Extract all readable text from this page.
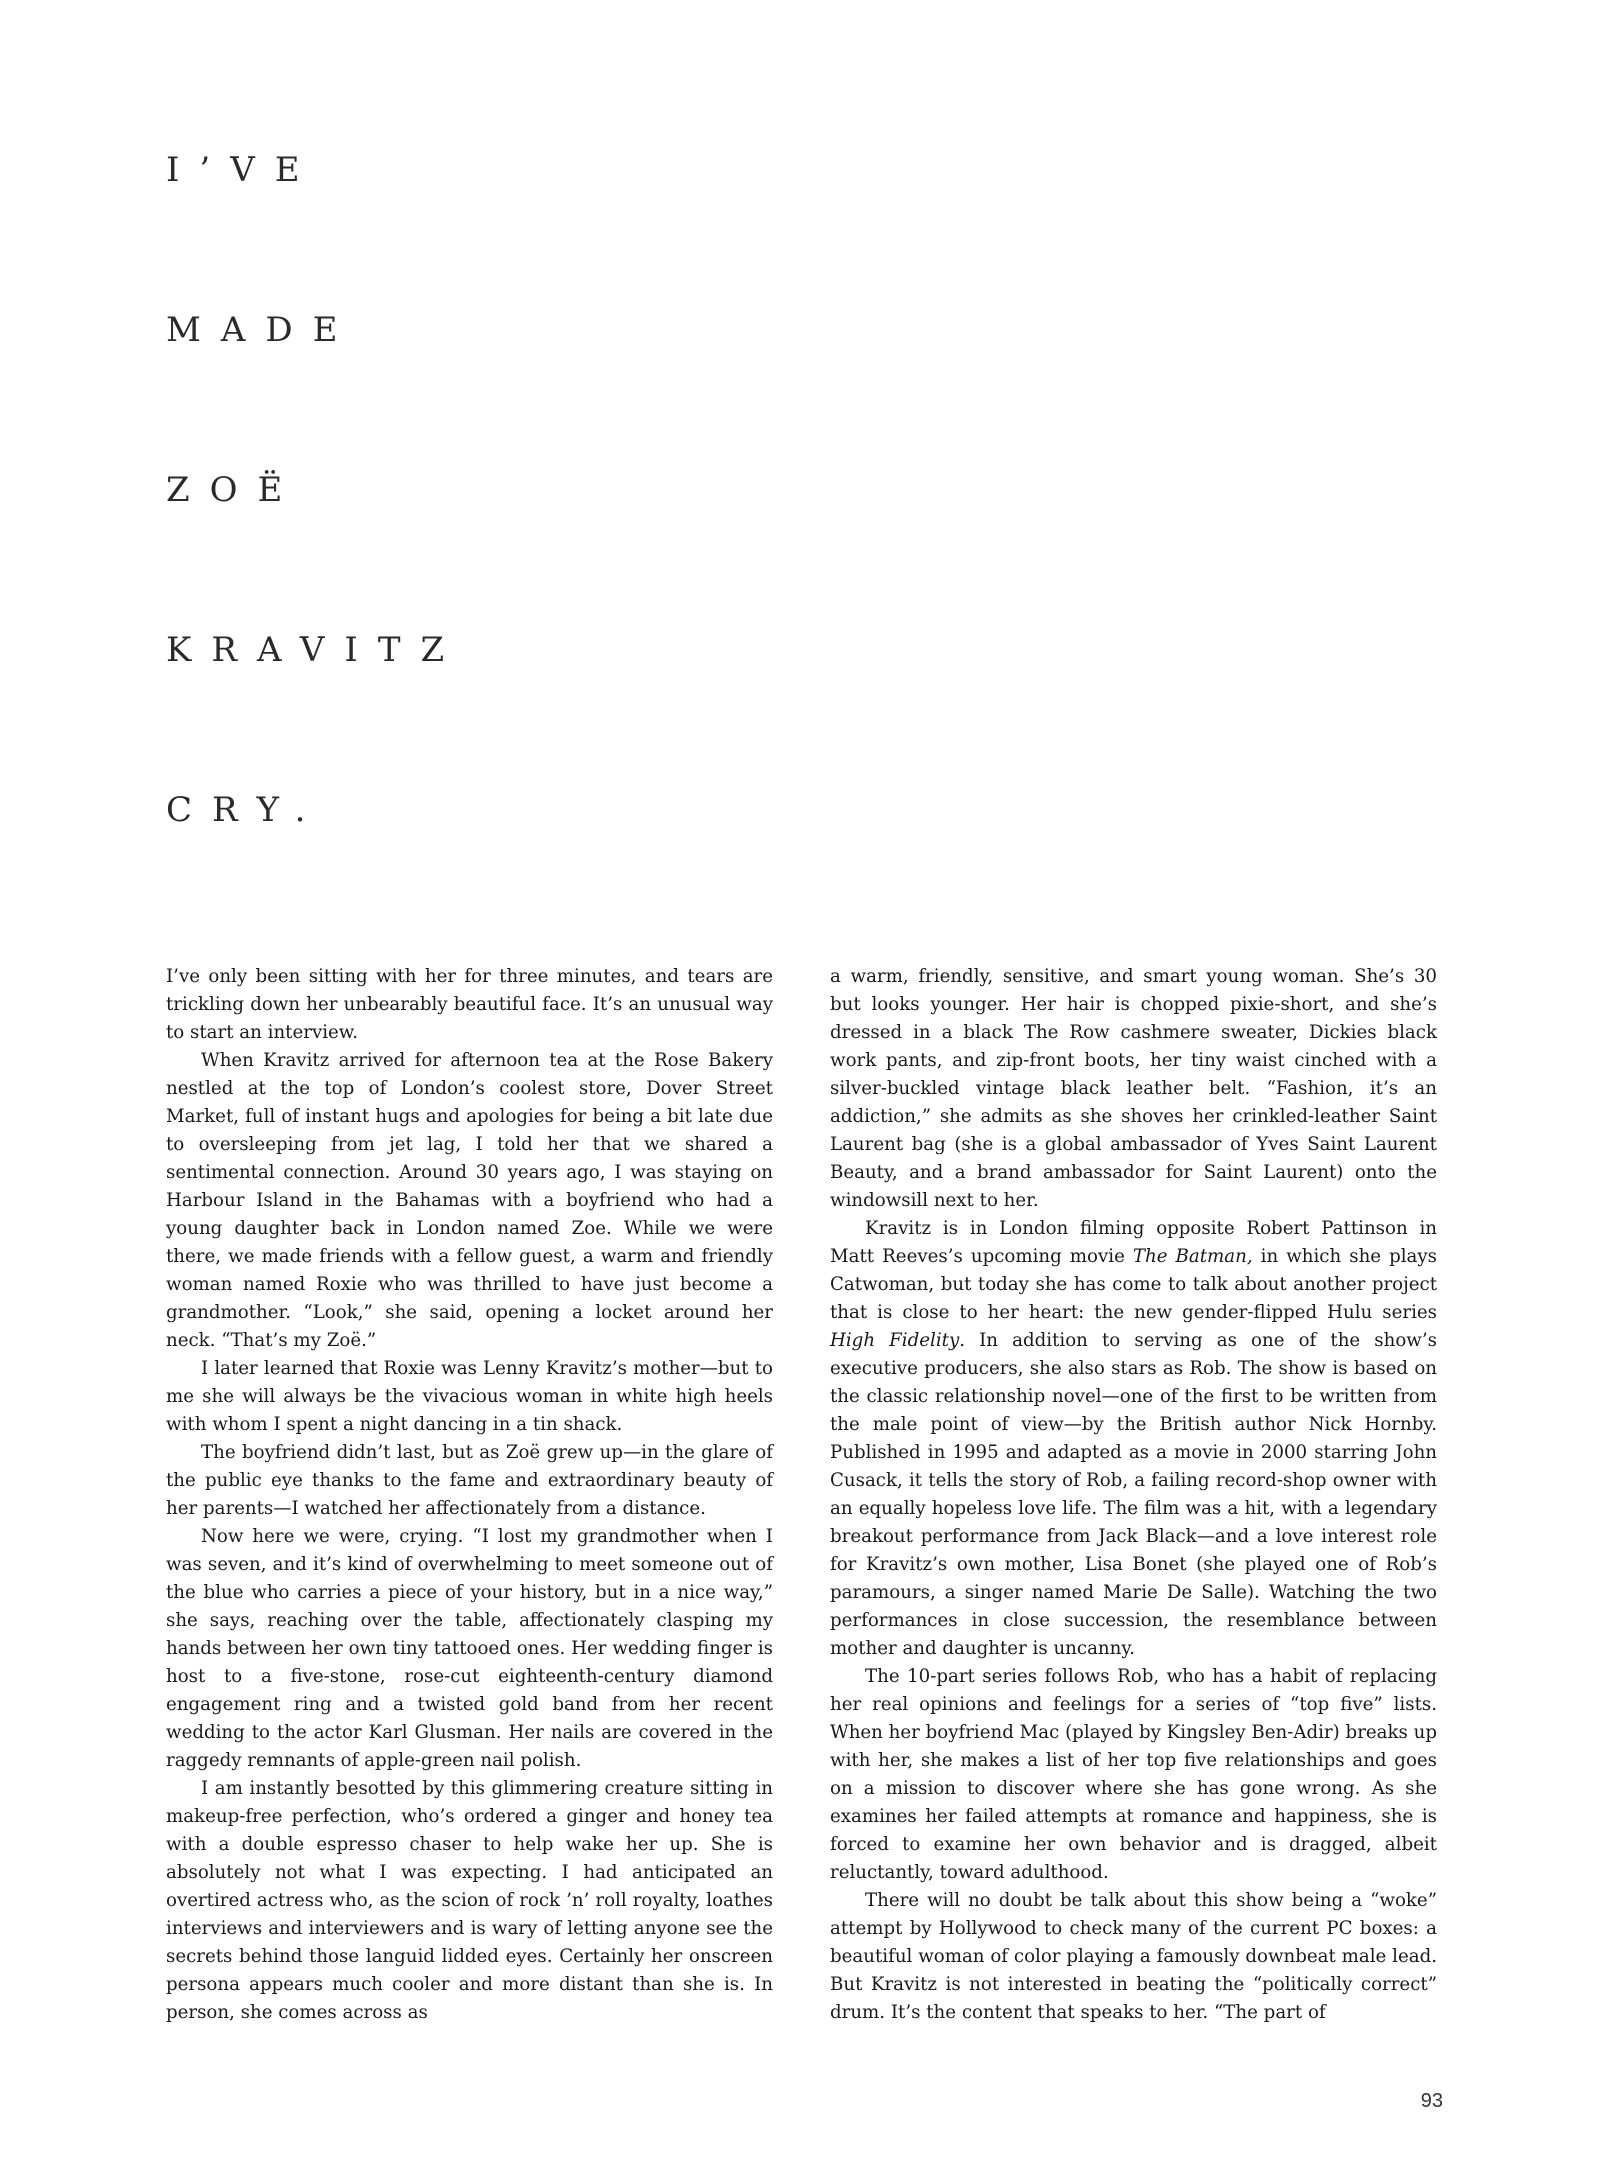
I’VE
MADE
ZOË
KRAVITZ
CRY.

I’ve only been sitting with her for three minutes, and tears are trickling down her unbearably beautiful face. It’s an unusual way to start an interview.

When Kravitz arrived for afternoon tea at the Rose Bakery nestled at the top of London’s coolest store, Dover Street Market, full of instant hugs and apologies for being a bit late due to oversleeping from jet lag, I told her that we shared a sentimental connection. Around 30 years ago, I was staying on Harbour Island in the Bahamas with a boyfriend who had a young daughter back in London named Zoe. While we were there, we made friends with a fellow guest, a warm and friendly woman named Roxie who was thrilled to have just become a grandmother. “Look,” she said, opening a locket around her neck. “That’s my Zoë.”

I later learned that Roxie was Lenny Kravitz’s mother—but to me she will always be the vivacious woman in white high heels with whom I spent a night dancing in a tin shack.

The boyfriend didn’t last, but as Zoë grew up—in the glare of the public eye thanks to the fame and extraordinary beauty of her parents—I watched her affectionately from a distance.

Now here we were, crying. “I lost my grandmother when I was seven, and it’s kind of overwhelming to meet someone out of the blue who carries a piece of your history, but in a nice way,” she says, reaching over the table, affectionately clasping my hands between her own tiny tattooed ones. Her wedding finger is host to a five-stone, rose-cut eighteenth-century diamond engagement ring and a twisted gold band from her recent wedding to the actor Karl Glusman. Her nails are covered in the raggedy remnants of apple-green nail polish.

I am instantly besotted by this glimmering creature sitting in makeup-free perfection, who’s ordered a ginger and honey tea with a double espresso chaser to help wake her up. She is absolutely not what I was expecting. I had anticipated an overtired actress who, as the scion of rock ’n’ roll royalty, loathes interviews and interviewers and is wary of letting anyone see the secrets behind those languid lidded eyes. Certainly her onscreen persona appears much cooler and more distant than she is. In person, she comes across as

a warm, friendly, sensitive, and smart young woman. She’s 30 but looks younger. Her hair is chopped pixie-short, and she’s dressed in a black The Row cashmere sweater, Dickies black work pants, and zip-front boots, her tiny waist cinched with a silver-buckled vintage black leather belt. “Fashion, it’s an addiction,” she admits as she shoves her crinkled-leather Saint Laurent bag (she is a global ambassador of Yves Saint Laurent Beauty, and a brand ambassador for Saint Laurent) onto the windowsill next to her.

Kravitz is in London filming opposite Robert Pattinson in Matt Reeves’s upcoming movie The Batman, in which she plays Catwoman, but today she has come to talk about another project that is close to her heart: the new gender-flipped Hulu series High Fidelity. In addition to serving as one of the show’s executive producers, she also stars as Rob. The show is based on the classic relationship novel—one of the first to be written from the male point of view—by the British author Nick Hornby. Published in 1995 and adapted as a movie in 2000 starring John Cusack, it tells the story of Rob, a failing record-shop owner with an equally hopeless love life. The film was a hit, with a legendary breakout performance from Jack Black—and a love interest role for Kravitz’s own mother, Lisa Bonet (she played one of Rob’s paramours, a singer named Marie De Salle). Watching the two performances in close succession, the resemblance between mother and daughter is uncanny.

The 10-part series follows Rob, who has a habit of replacing her real opinions and feelings for a series of “top five” lists. When her boyfriend Mac (played by Kingsley Ben-Adir) breaks up with her, she makes a list of her top five relationships and goes on a mission to discover where she has gone wrong. As she examines her failed attempts at romance and happiness, she is forced to examine her own behavior and is dragged, albeit reluctantly, toward adulthood.

There will no doubt be talk about this show being a “woke” attempt by Hollywood to check many of the current PC boxes: a beautiful woman of color playing a famously downbeat male lead. But Kravitz is not interested in beating the “politically correct” drum. It’s the content that speaks to her. “The part of

93
